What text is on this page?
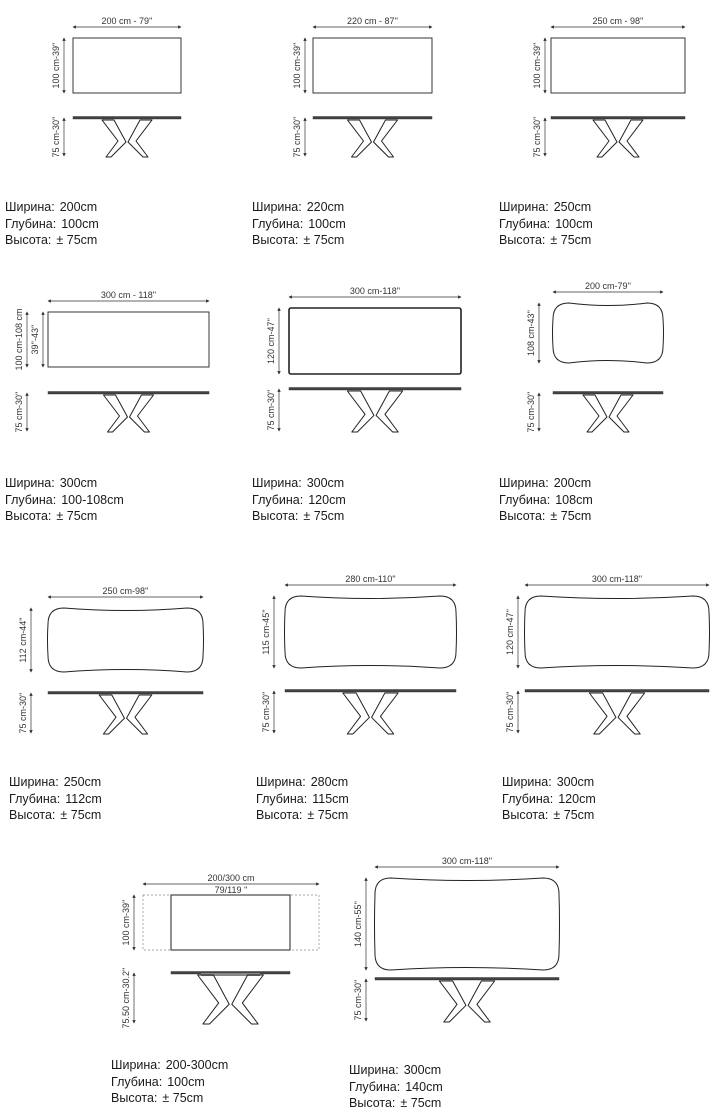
200 cm - 79''
100 cm-39''
75 cm-30''
220 cm - 87''
100 cm-39''
75 cm-30''
250 cm - 98''
100 cm-39''
75 cm-30''
300 cm - 118''
100 cm-108 cm 39''-43''
75 cm-30''
300 cm-118''
120 cm-47''
75 cm-30''
200 cm-79''
108 cm-43''
75 cm-30''
250 cm-98''
112 cm-44''
75 cm-30''
280 cm-110''
115 cm-45''
75 cm-30''
300 cm-118''
120 cm-47''
75 cm-30''
200/300 cm
79/119 ''
100 cm-39''
75.50 cm-30.2''
300 cm-118''
140 cm-55''
75 cm-30''
Ширина: 200cm
Глубина: 100cm
Высота: ± 75cm
Ширина: 220cm
Глубина: 100cm
Высота: ± 75cm
Ширина: 250cm
Глубина: 100cm
Высота: ± 75cm
Ширина: 300cm
Глубина: 100-108cm
Высота: ± 75cm
Ширина: 300cm
Глубина: 120cm
Высота: ± 75cm
Ширина: 200cm
Глубина: 108cm
Высота: ± 75cm
Ширина: 250cm
Глубина: 112cm
Высота: ± 75cm
Ширина: 280cm
Глубина: 115cm
Высота: ± 75cm
Ширина: 300cm
Глубина: 120cm
Высота: ± 75cm
Ширина: 200-300cm
Глубина: 100cm
Высота: ± 75cm
Ширина: 300cm
Глубина: 140cm
Высота: ± 75cm
